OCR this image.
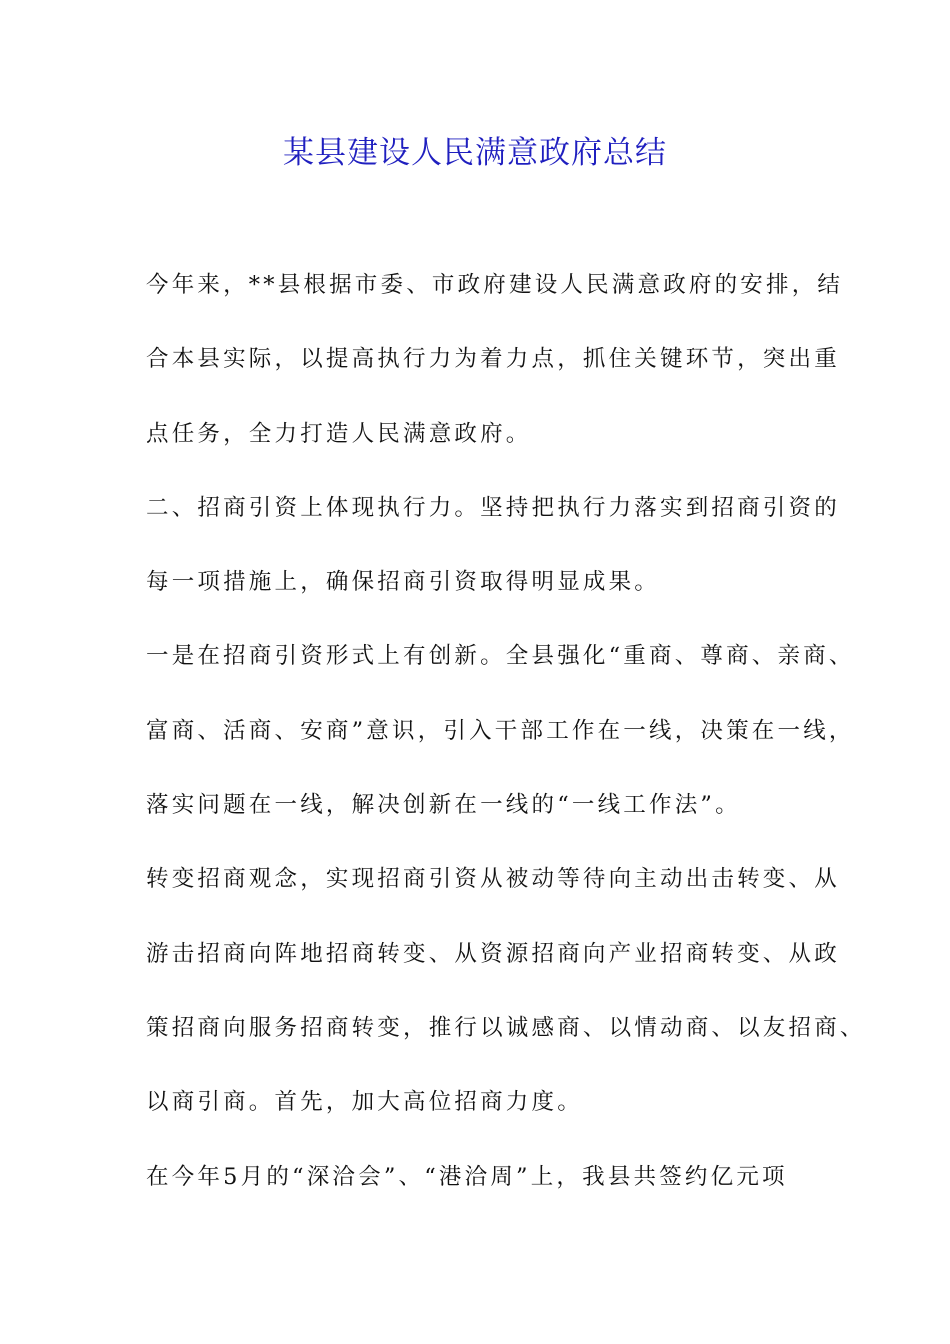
某县建设人民满意政府总结
今年来，**县根据市委、市政府建设人民满意政府的安排，结
合本县实际，以提高执行力为着力点，抓住关键环节，突出重
点任务，全力打造人民满意政府。
二、招商引资上体现执行力。坚持把执行力落实到招商引资的
每一项措施上，确保招商引资取得明显成果。
一是在招商引资形式上有创新。全县强化“重商、尊商、亲商、
富商、活商、安商”意识，引入干部工作在一线，决策在一线，
落实问题在一线，解决创新在一线的“一线工作法”。
转变招商观念，实现招商引资从被动等待向主动出击转变、从
游击招商向阵地招商转变、从资源招商向产业招商转变、从政
策招商向服务招商转变，推行以诚感商、以情动商、以友招商、
以商引商。首先，加大高位招商力度。
在今年5月的“深洽会”、“港洽周”上，我县共签约亿元项
